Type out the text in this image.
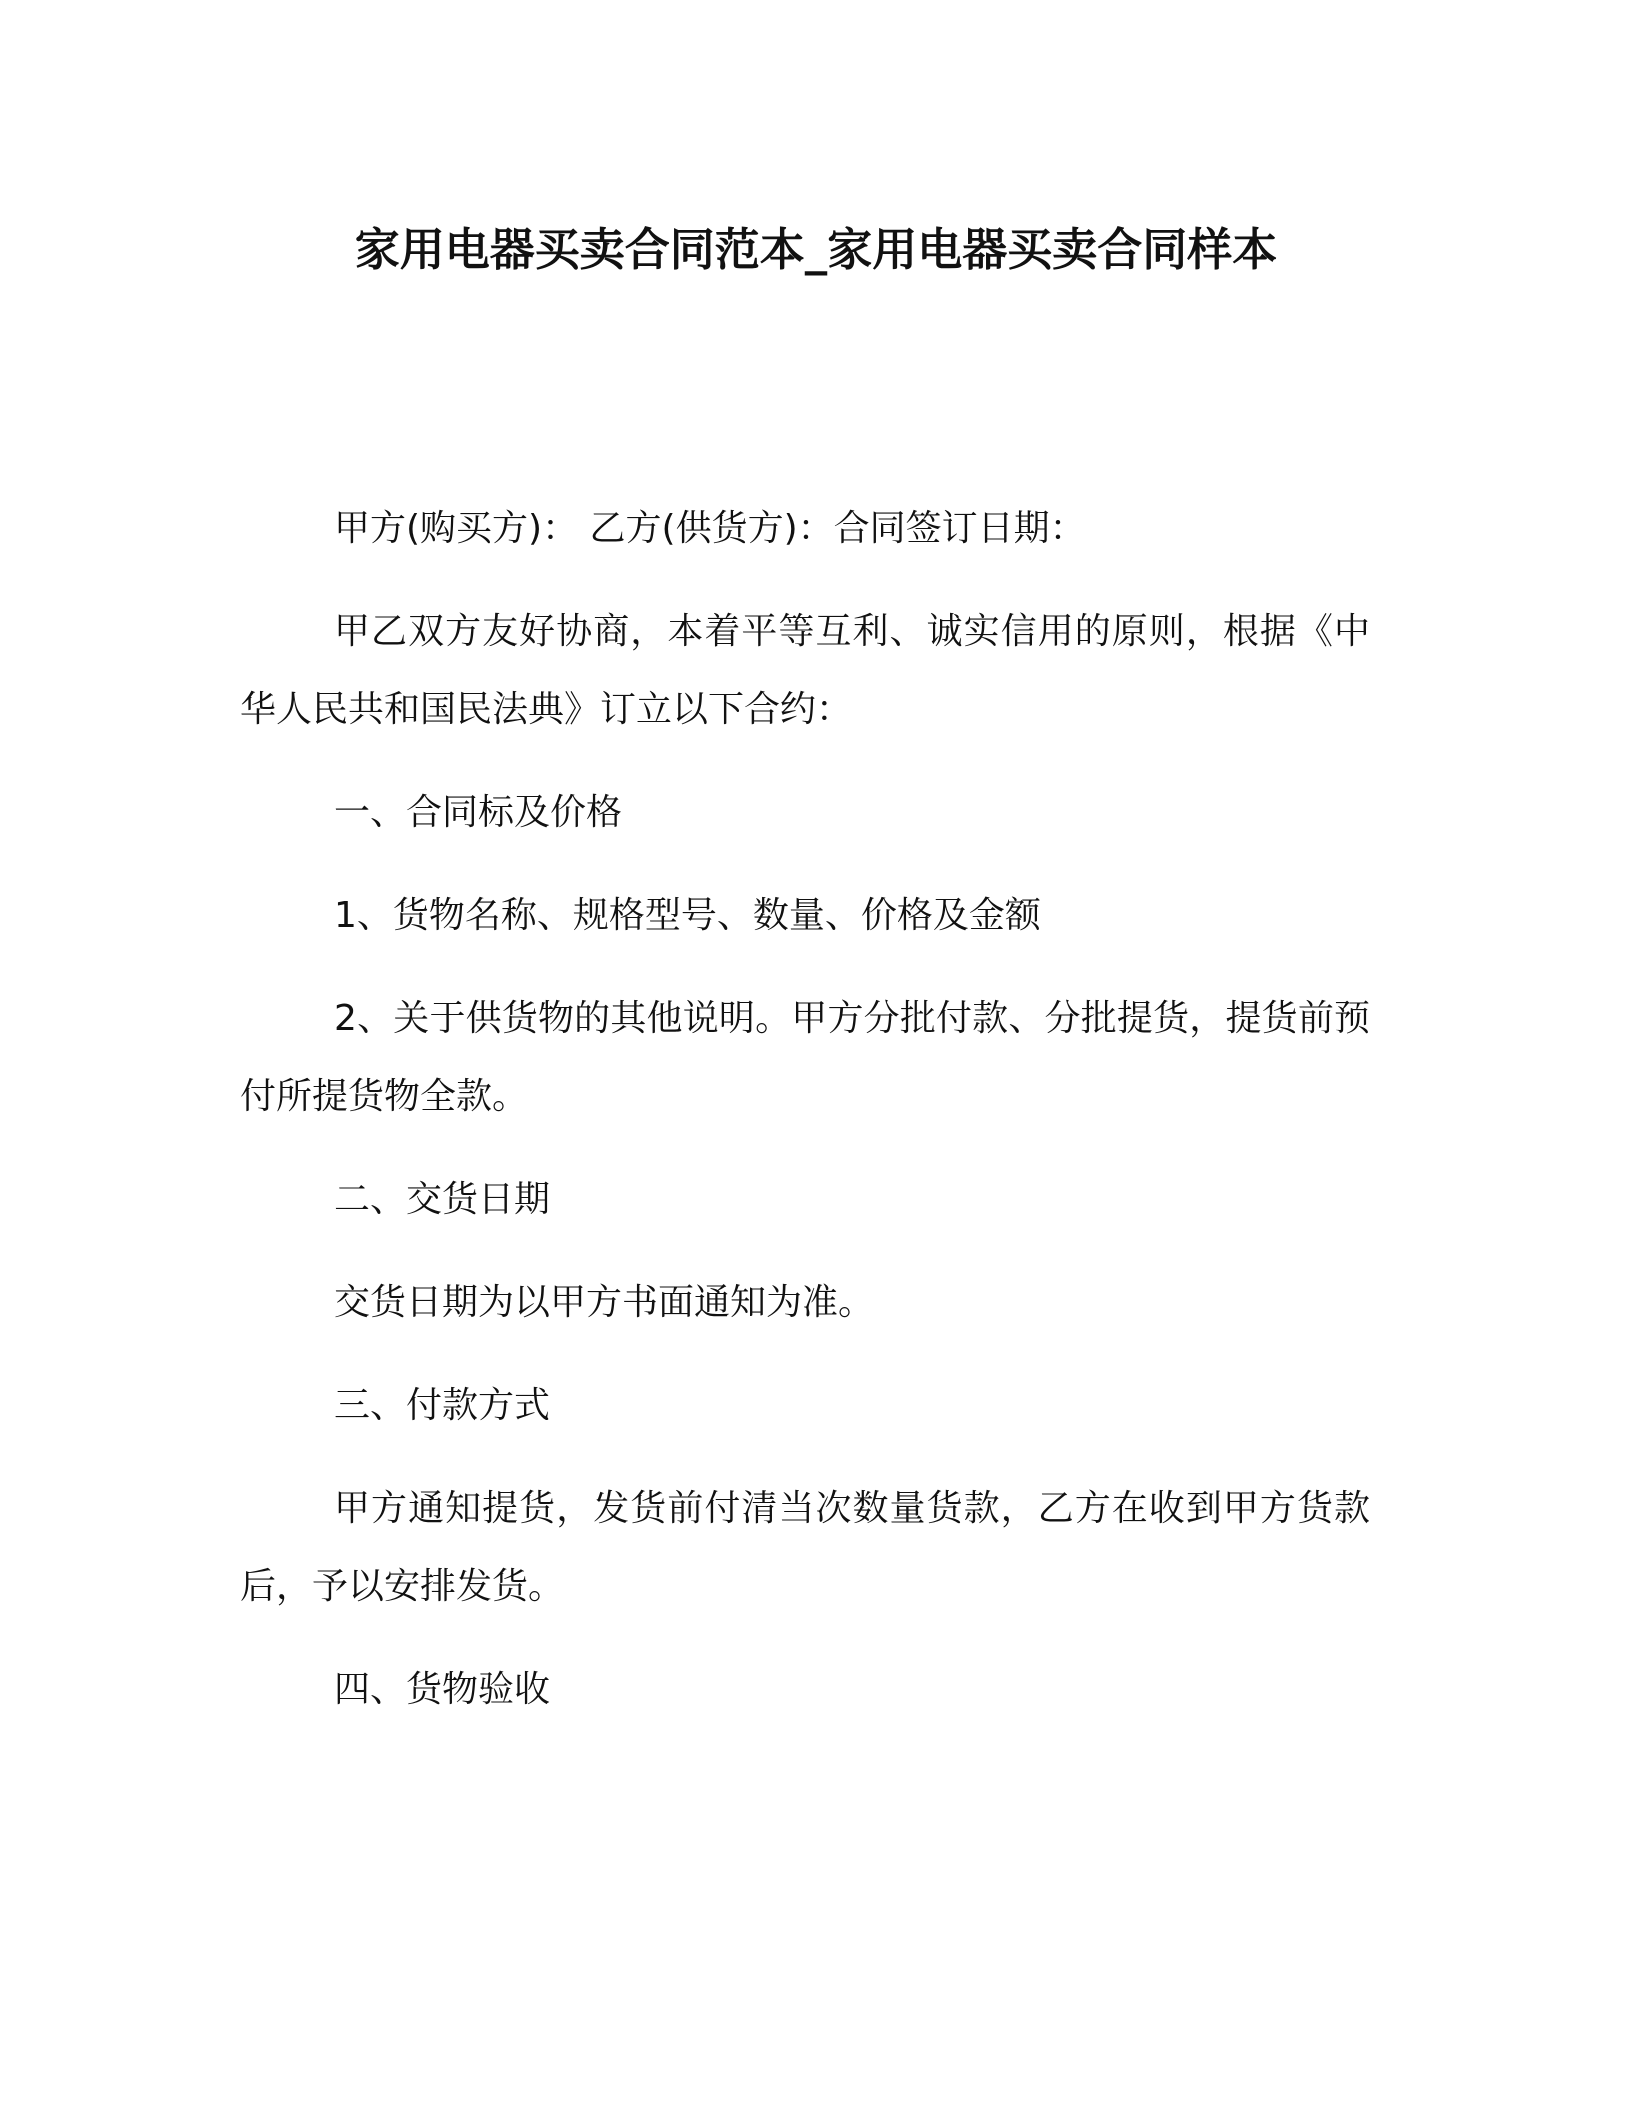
家用电器买卖合同范本_家用电器买卖合同样本

甲方(购买方)： 乙方(供货方)：合同签订日期：

甲乙双方友好协商，本着平等互利、诚实信用的原则，根据《中华人民共和国民法典》订立以下合约：

一、合同标及价格

1、货物名称、规格型号、数量、价格及金额

2、关于供货物的其他说明。甲方分批付款、分批提货，提货前预付所提货物全款。

二、交货日期

交货日期为以甲方书面通知为准。

三、付款方式

甲方通知提货，发货前付清当次数量货款，乙方在收到甲方货款后，予以安排发货。

四、货物验收
